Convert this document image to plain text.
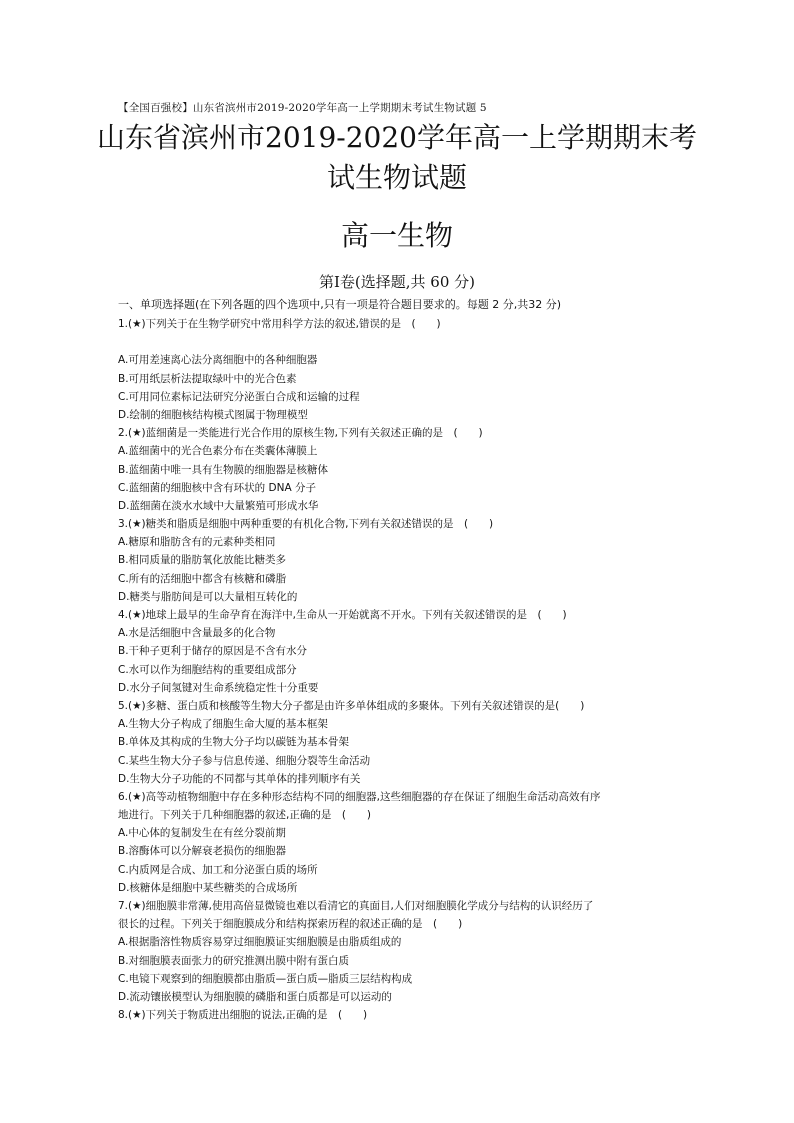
【全国百强校】山东省滨州市2019-2020学年高一上学期期末考试生物试题 5
山东省滨州市2019-2020学年高一上学期期末考
试生物试题
高一生物
第Ⅰ卷(选择题,共 60 分)
一、单项选择题(在下列各题的四个选项中,只有一项是符合题目要求的。每题 2 分,共32 分)
1.(★)下列关于在生物学研究中常用科学方法的叙述,错误的是　(　　)
A.可用差速离心法分离细胞中的各种细胞器
B.可用纸层析法提取绿叶中的光合色素
C.可用同位素标记法研究分泌蛋白合成和运输的过程
D.绘制的细胞核结构模式图属于物理模型
2.(★)蓝细菌是一类能进行光合作用的原核生物,下列有关叙述正确的是　(　　)
A.蓝细菌中的光合色素分布在类囊体薄膜上
B.蓝细菌中唯一具有生物膜的细胞器是核糖体
C.蓝细菌的细胞核中含有环状的 DNA 分子
D.蓝细菌在淡水水域中大量繁殖可形成水华
3.(★)糖类和脂质是细胞中两种重要的有机化合物,下列有关叙述错误的是　(　　)
A.糖原和脂肪含有的元素种类相同
B.相同质量的脂肪氧化放能比糖类多
C.所有的活细胞中都含有核糖和磷脂
D.糖类与脂肪间是可以大量相互转化的
4.(★)地球上最早的生命孕育在海洋中,生命从一开始就离不开水。下列有关叙述错误的是　(　　)
A.水是活细胞中含量最多的化合物
B.干种子更利于储存的原因是不含有水分
C.水可以作为细胞结构的重要组成部分
D.水分子间氢键对生命系统稳定性十分重要
5.(★)多糖、蛋白质和核酸等生物大分子都是由许多单体组成的多聚体。下列有关叙述错误的是(　　)
A.生物大分子构成了细胞生命大厦的基本框架
B.单体及其构成的生物大分子均以碳链为基本骨架
C.某些生物大分子参与信息传递、细胞分裂等生命活动
D.生物大分子功能的不同都与其单体的排列顺序有关
6.(★)高等动植物细胞中存在多种形态结构不同的细胞器,这些细胞器的存在保证了细胞生命活动高效有序
地进行。下列关于几种细胞器的叙述,正确的是　(　　)
A.中心体的复制发生在有丝分裂前期
B.溶酶体可以分解衰老损伤的细胞器
C.内质网是合成、加工和分泌蛋白质的场所
D.核糖体是细胞中某些糖类的合成场所
7.(★)细胞膜非常薄,使用高倍显微镜也难以看清它的真面目,人们对细胞膜化学成分与结构的认识经历了
很长的过程。下列关于细胞膜成分和结构探索历程的叙述正确的是　(　　)
A.根据脂溶性物质容易穿过细胞膜证实细胞膜是由脂质组成的
B.对细胞膜表面张力的研究推测出膜中附有蛋白质
C.电镜下观察到的细胞膜都由脂质—蛋白质—脂质三层结构构成
D.流动镶嵌模型认为细胞膜的磷脂和蛋白质都是可以运动的
8.(★)下列关于物质进出细胞的说法,正确的是　(　　)
